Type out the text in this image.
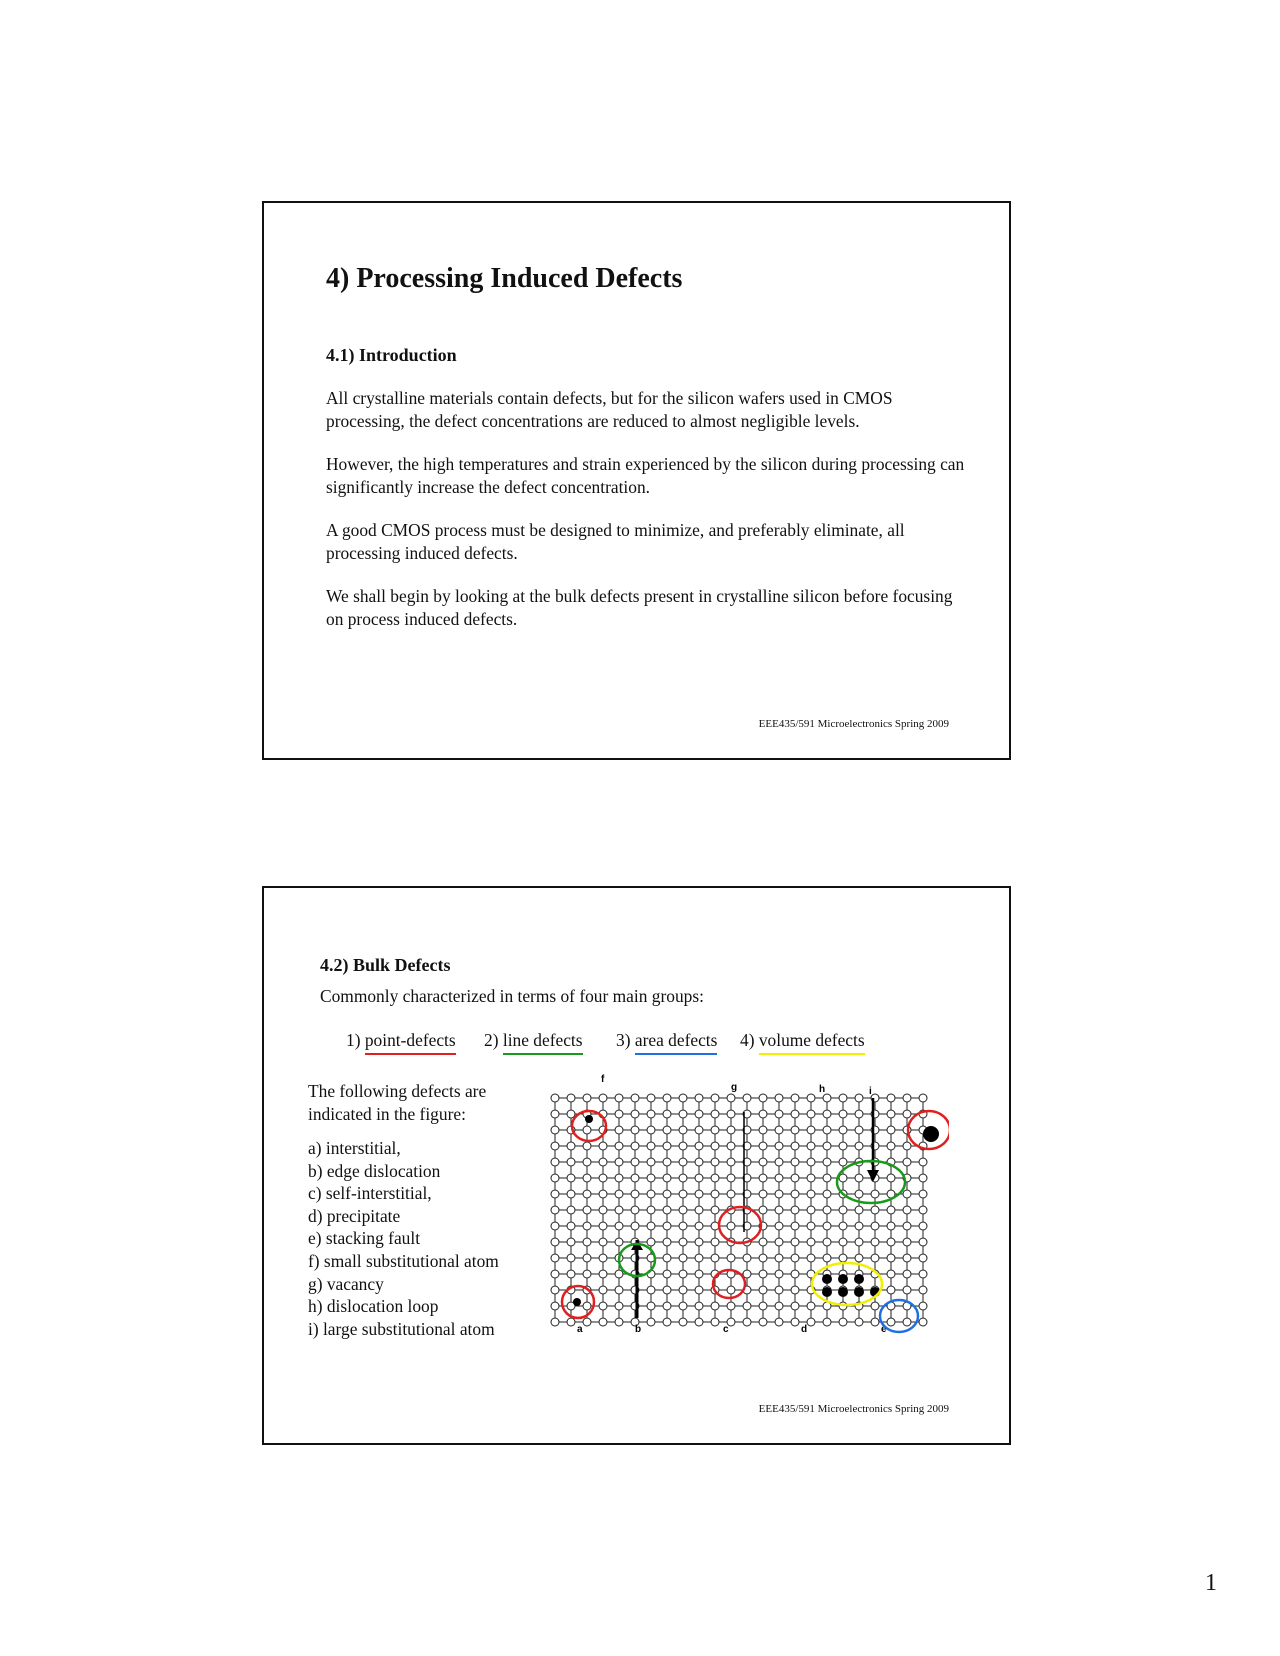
4) Processing Induced Defects
4.1) Introduction

All crystalline materials contain defects, but for the silicon wafers used in CMOS processing, the defect concentrations are reduced to almost negligible levels.

However, the high temperatures and strain experienced by the silicon during processing can significantly increase the defect concentration.

A good CMOS process must be designed to minimize, and preferably eliminate, all processing induced defects.

We shall begin by looking at the bulk defects present in crystalline silicon before focusing on process induced defects.

EEE435/591 Microelectronics Spring 2009
4.2) Bulk Defects
Commonly characterized in terms of four main groups:
1) point-defects 2) line defects 3) area defects 4) volume defects
The following defects are indicated in the figure:
a) interstitial,
b) edge dislocation
c) self-interstitial,
d) precipitate
e) stacking fault
f) small substitutional atom
g) vacancy
h) dislocation loop
i) large substitutional atom	a	b	c	d	e
f
g	h	i
EEE435/591 Microelectronics Spring 2009
1
